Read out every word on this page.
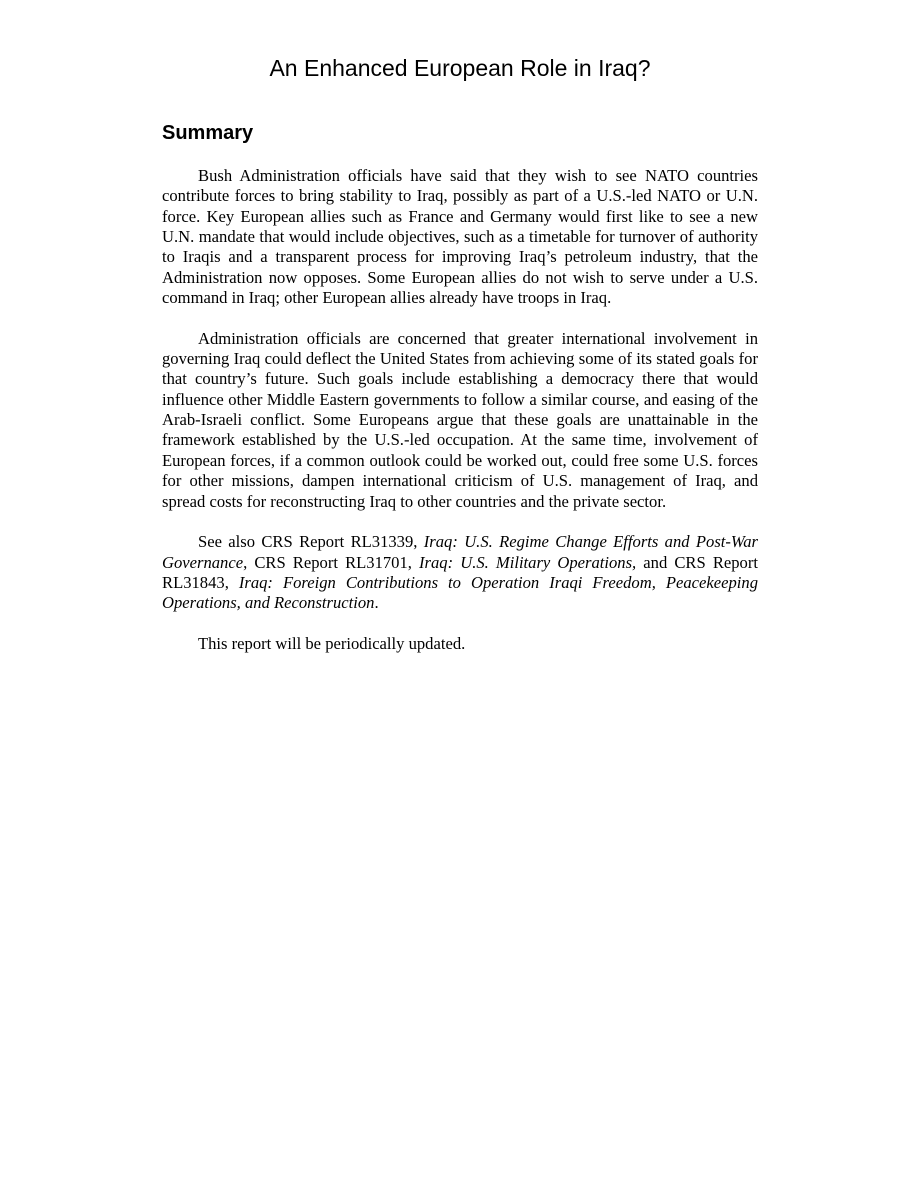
An Enhanced European Role in Iraq?
Summary

Bush Administration officials have said that they wish to see NATO countries contribute forces to bring stability to Iraq, possibly as part of a U.S.-led NATO or U.N. force. Key European allies such as France and Germany would first like to see a new U.N. mandate that would include objectives, such as a timetable for turnover of authority to Iraqis and a transparent process for improving Iraq’s petroleum industry, that the Administration now opposes. Some European allies do not wish to serve under a U.S. command in Iraq; other European allies already have troops in Iraq.

Administration officials are concerned that greater international involvement in governing Iraq could deflect the United States from achieving some of its stated goals for that country’s future. Such goals include establishing a democracy there that would influence other Middle Eastern governments to follow a similar course, and easing of the Arab-Israeli conflict. Some Europeans argue that these goals are unattainable in the framework established by the U.S.-led occupation. At the same time, involvement of European forces, if a common outlook could be worked out, could free some U.S. forces for other missions, dampen international criticism of U.S. management of Iraq, and spread costs for reconstructing Iraq to other countries and the private sector.

See also CRS Report RL31339, Iraq: U.S. Regime Change Efforts and Post-War Governance, CRS Report RL31701, Iraq: U.S. Military Operations, and CRS Report RL31843, Iraq: Foreign Contributions to Operation Iraqi Freedom, Peacekeeping Operations, and Reconstruction.

This report will be periodically updated.
